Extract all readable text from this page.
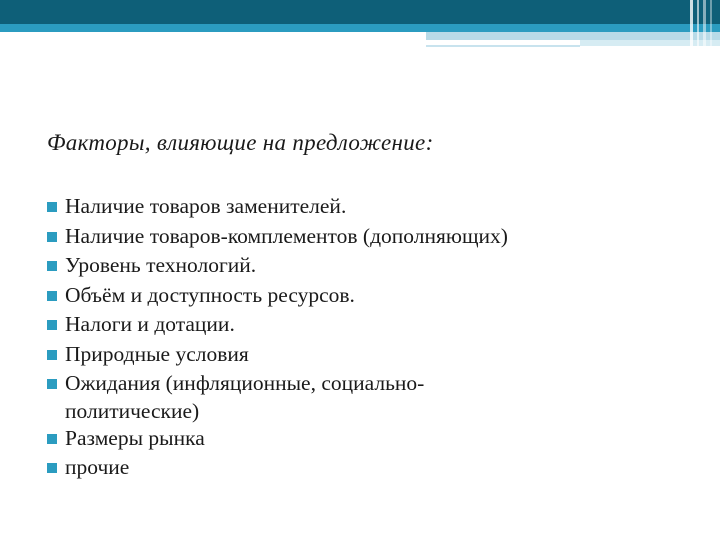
Факторы, влияющие на предложение:
Наличие товаров заменителей.
Наличие товаров-комплементов (дополняющих)
Уровень технологий.
Объём и доступность ресурсов.
Налоги и дотации.
Природные условия
Ожидания (инфляционные, социально-
политические)
Размеры рынка
прочие
